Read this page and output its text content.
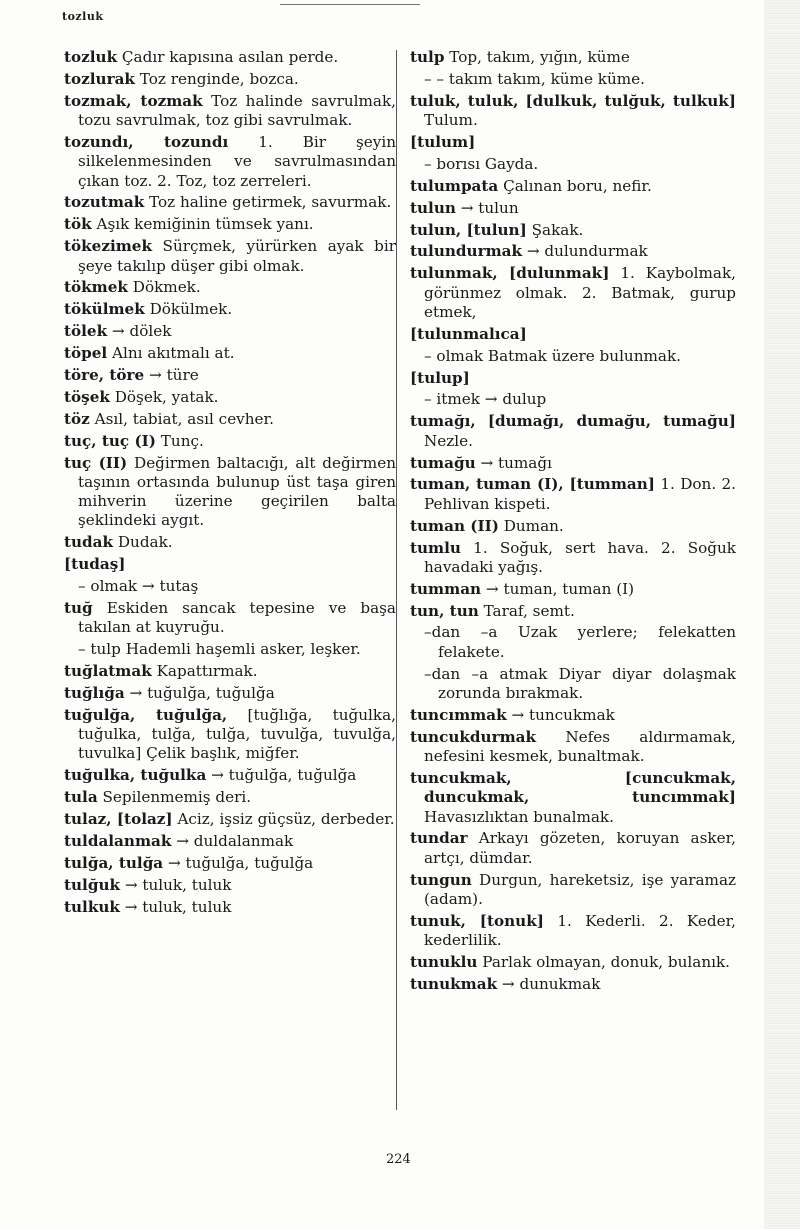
tozluk

tozluk Çadır kapısına asılan perde.

tozlurak Toz renginde, bozca.

tozmak, tozmak Toz halinde savrulmak, tozu savrulmak, toz gibi savrulmak.

tozundı, tozundı 1. Bir şeyin silkelenmesinden ve savrulmasından çıkan toz. 2. Toz, toz zerreleri.

tozutmak Toz haline getirmek, savurmak.

tök Aşık kemiğinin tümsek yanı.

tökezimek Sürçmek, yürürken ayak bir şeye takılıp düşer gibi olmak.

tökmek Dökmek.

tökülmek Dökülmek.

tölek → dölek

töpel Alnı akıtmalı at.

töre, töre → türe

töşek Döşek, yatak.

töz Asıl, tabiat, asıl cevher.

tuç, tuç (I) Tunç.

tuç (II) Değirmen baltacığı, alt değirmen taşının ortasında bulunup üst taşa giren mihverin üzerine geçirilen balta şeklindeki aygıt.

tudak Dudak.

[tudaş]

– olmak → tutaş

tuğ Eskiden sancak tepesine ve başa takılan at kuyruğu.

– tulp Hademli haşemli asker, leşker.

tuğlatmak Kapattırmak.

tuğlığa → tuğulğa, tuğulğa

tuğulğa, tuğulğa, [tuğlığa, tuğulka, tuğulka, tulğa, tulğa, tuvulğa, tuvulğa, tuvulka] Çelik başlık, miğfer.

tuğulka, tuğulka → tuğulğa, tuğulğa

tula Sepilenmemiş deri.

tulaz, [tolaz] Aciz, işsiz güçsüz, derbeder.

tuldalanmak → duldalanmak

tulğa, tulğa → tuğulğa, tuğulğa

tulğuk → tuluk, tuluk

tulkuk → tuluk, tuluk

tulp Top, takım, yığın, küme

– – takım takım, küme küme.

tuluk, tuluk, [dulkuk, tulğuk, tulkuk] Tulum.

[tulum]

– borısı Gayda.

tulumpata Çalınan boru, nefir.

tulun → tulun

tulun, [tulun] Şakak.

tulundurmak → dulundurmak

tulunmak, [dulunmak] 1. Kaybolmak, görünmez olmak. 2. Batmak, gurup etmek,

[tulunmalıca]

– olmak Batmak üzere bulunmak.

[tulup]

– itmek → dulup

tumağı, [dumağı, dumağu, tumağu] Nezle.

tumağu → tumağı

tuman, tuman (I), [tumman] 1. Don. 2. Pehlivan kispeti.

tuman (II) Duman.

tumlu 1. Soğuk, sert hava. 2. Soğuk havadaki yağış.

tumman → tuman, tuman (I)

tun, tun Taraf, semt.

–dan –a Uzak yerlere; felekatten felakete.

–dan –a atmak Diyar diyar dolaşmak zorunda bırakmak.

tuncımmak → tuncukmak

tuncukdurmak Nefes aldırmamak, nefesini kesmek, bunaltmak.

tuncukmak, [cuncukmak, duncukmak, tuncımmak] Havasızlıktan bunalmak.

tundar Arkayı gözeten, koruyan asker, artçı, dümdar.

tungun Durgun, hareketsiz, işe yaramaz (adam).

tunuk, [tonuk] 1. Kederli. 2. Keder, kederlilik.

tunuklu Parlak olmayan, donuk, bulanık.

tunukmak → dunukmak

224
